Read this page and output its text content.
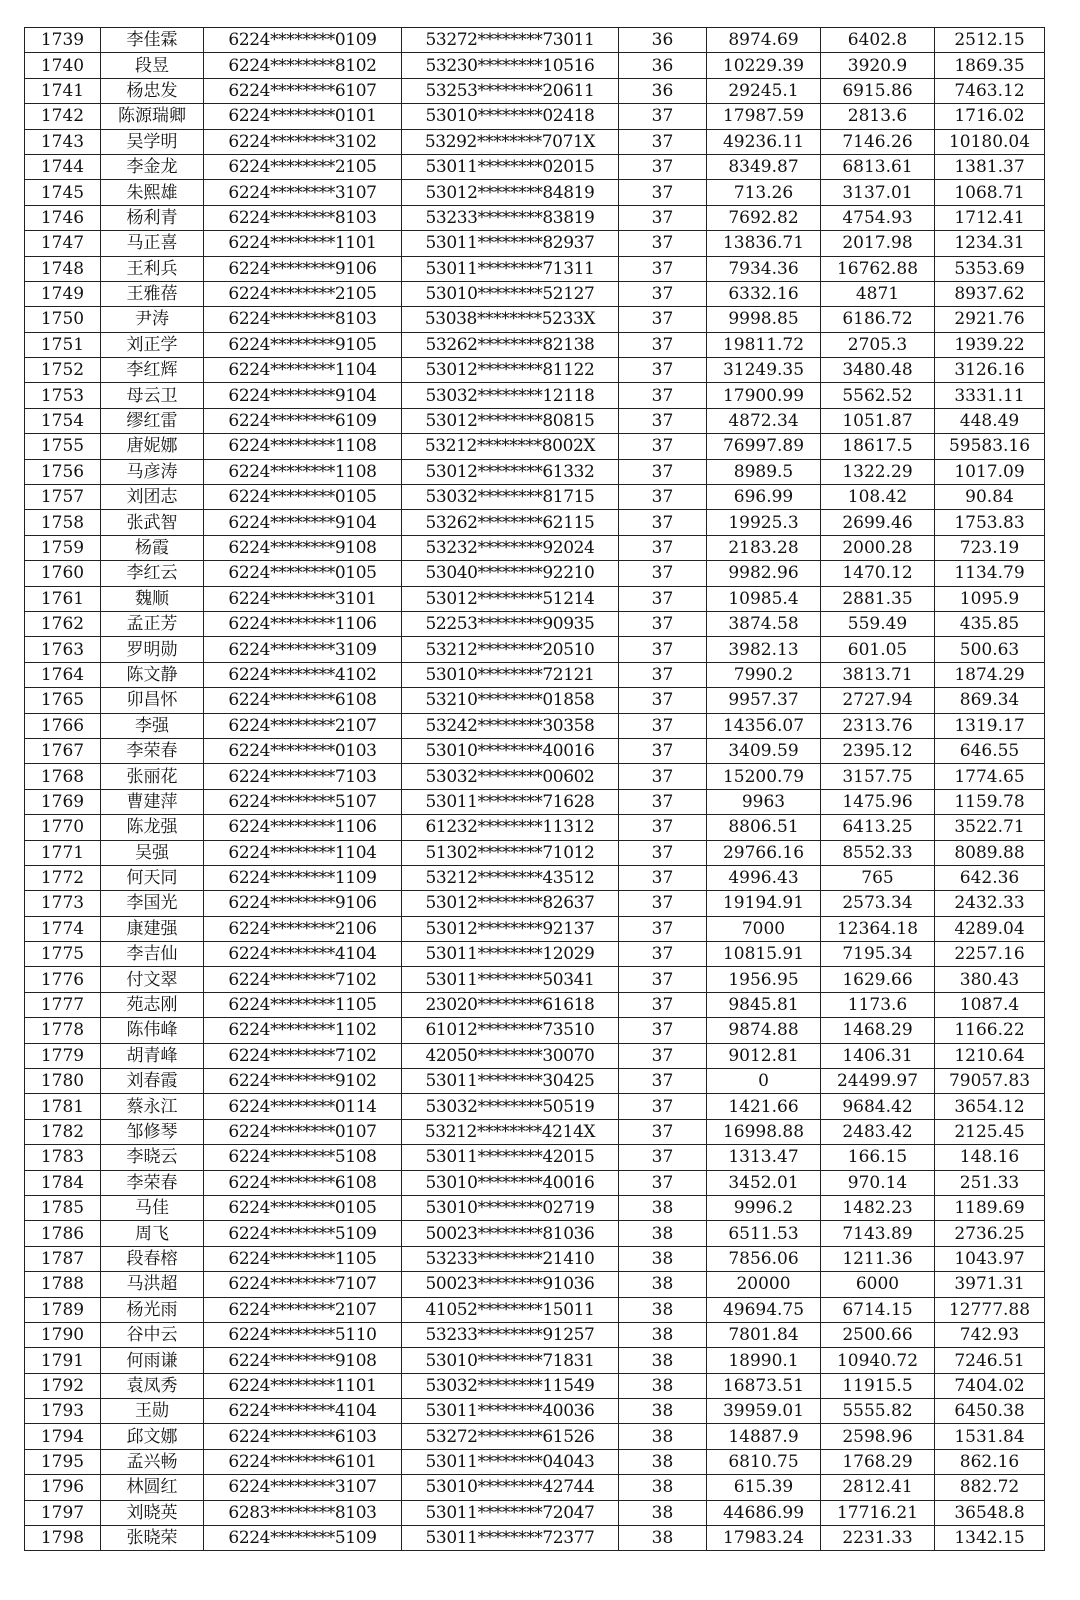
1739	李佳霖	6224********0109	53272********73011	36	8974.69	6402.8	2512.15
1740	段昱	6224********8102	53230********10516	36	10229.39	3920.9	1869.35
1741	杨忠发	6224********6107	53253********20611	36	29245.1	6915.86	7463.12
1742	陈源瑞卿	6224********0101	53010********02418	37	17987.59	2813.6	1716.02
1743	吴学明	6224********3102	53292********7071X	37	49236.11	7146.26	10180.04
1744	李金龙	6224********2105	53011********02015	37	8349.87	6813.61	1381.37
1745	朱熙雄	6224********3107	53012********84819	37	713.26	3137.01	1068.71
1746	杨利青	6224********8103	53233********83819	37	7692.82	4754.93	1712.41
1747	马正喜	6224********1101	53011********82937	37	13836.71	2017.98	1234.31
1748	王利兵	6224********9106	53011********71311	37	7934.36	16762.88	5353.69
1749	王雅蓓	6224********2105	53010********52127	37	6332.16	4871	8937.62
1750	尹涛	6224********8103	53038********5233X	37	9998.85	6186.72	2921.76
1751	刘正学	6224********9105	53262********82138	37	19811.72	2705.3	1939.22
1752	李红辉	6224********1104	53012********81122	37	31249.35	3480.48	3126.16
1753	母云卫	6224********9104	53032********12118	37	17900.99	5562.52	3331.11
1754	缪红雷	6224********6109	53012********80815	37	4872.34	1051.87	448.49
1755	唐妮娜	6224********1108	53212********8002X	37	76997.89	18617.5	59583.16
1756	马彦涛	6224********1108	53012********61332	37	8989.5	1322.29	1017.09
1757	刘团志	6224********0105	53032********81715	37	696.99	108.42	90.84
1758	张武智	6224********9104	53262********62115	37	19925.3	2699.46	1753.83
1759	杨霞	6224********9108	53232********92024	37	2183.28	2000.28	723.19
1760	李红云	6224********0105	53040********92210	37	9982.96	1470.12	1134.79
1761	魏顺	6224********3101	53012********51214	37	10985.4	2881.35	1095.9
1762	孟正芳	6224********1106	52253********90935	37	3874.58	559.49	435.85
1763	罗明勋	6224********3109	53212********20510	37	3982.13	601.05	500.63
1764	陈文静	6224********4102	53010********72121	37	7990.2	3813.71	1874.29
1765	卯昌怀	6224********6108	53210********01858	37	9957.37	2727.94	869.34
1766	李强	6224********2107	53242********30358	37	14356.07	2313.76	1319.17
1767	李荣春	6224********0103	53010********40016	37	3409.59	2395.12	646.55
1768	张丽花	6224********7103	53032********00602	37	15200.79	3157.75	1774.65
1769	曹建萍	6224********5107	53011********71628	37	9963	1475.96	1159.78
1770	陈龙强	6224********1106	61232********11312	37	8806.51	6413.25	3522.71
1771	吴强	6224********1104	51302********71012	37	29766.16	8552.33	8089.88
1772	何天同	6224********1109	53212********43512	37	4996.43	765	642.36
1773	李国光	6224********9106	53012********82637	37	19194.91	2573.34	2432.33
1774	康建强	6224********2106	53012********92137	37	7000	12364.18	4289.04
1775	李吉仙	6224********4104	53011********12029	37	10815.91	7195.34	2257.16
1776	付文翠	6224********7102	53011********50341	37	1956.95	1629.66	380.43
1777	苑志刚	6224********1105	23020********61618	37	9845.81	1173.6	1087.4
1778	陈伟峰	6224********1102	61012********73510	37	9874.88	1468.29	1166.22
1779	胡青峰	6224********7102	42050********30070	37	9012.81	1406.31	1210.64
1780	刘春霞	6224********9102	53011********30425	37	0	24499.97	79057.83
1781	蔡永江	6224********0114	53032********50519	37	1421.66	9684.42	3654.12
1782	邹修琴	6224********0107	53212********4214X	37	16998.88	2483.42	2125.45
1783	李晓云	6224********5108	53011********42015	37	1313.47	166.15	148.16
1784	李荣春	6224********6108	53010********40016	37	3452.01	970.14	251.33
1785	马佳	6224********0105	53010********02719	38	9996.2	1482.23	1189.69
1786	周飞	6224********5109	50023********81036	38	6511.53	7143.89	2736.25
1787	段春榕	6224********1105	53233********21410	38	7856.06	1211.36	1043.97
1788	马洪超	6224********7107	50023********91036	38	20000	6000	3971.31
1789	杨光雨	6224********2107	41052********15011	38	49694.75	6714.15	12777.88
1790	谷中云	6224********5110	53233********91257	38	7801.84	2500.66	742.93
1791	何雨谦	6224********9108	53010********71831	38	18990.1	10940.72	7246.51
1792	袁凤秀	6224********1101	53032********11549	38	16873.51	11915.5	7404.02
1793	王勋	6224********4104	53011********40036	38	39959.01	5555.82	6450.38
1794	邱文娜	6224********6103	53272********61526	38	14887.9	2598.96	1531.84
1795	孟兴畅	6224********6101	53011********04043	38	6810.75	1768.29	862.16
1796	林圆红	6224********3107	53010********42744	38	615.39	2812.41	882.72
1797	刘晓英	6283********8103	53011********72047	38	44686.99	17716.21	36548.8
1798	张晓荣	6224********5109	53011********72377	38	17983.24	2231.33	1342.15
